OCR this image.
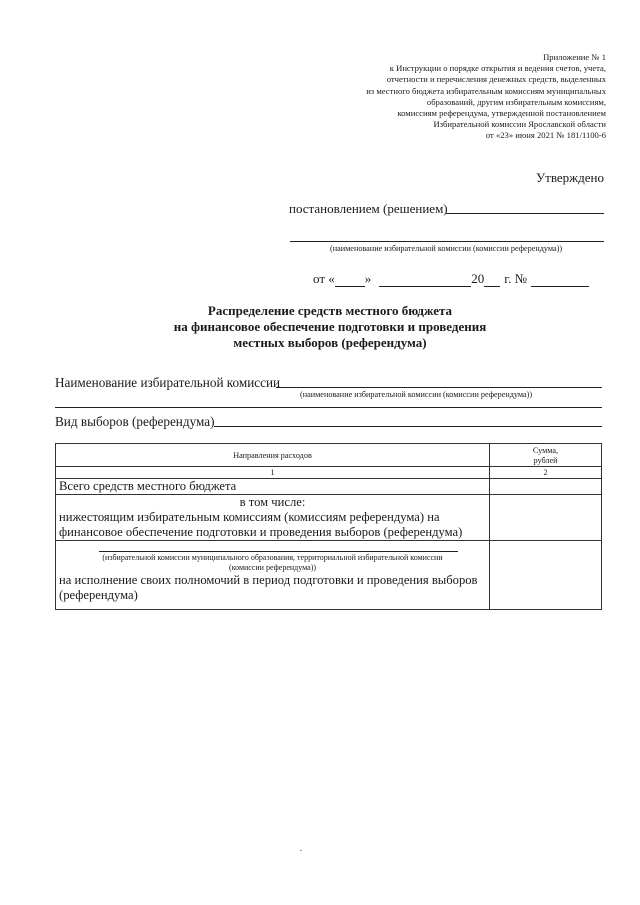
Приложение № 1
к Инструкции о порядке открытия и ведения счетов, учета,
отчетности и перечисления денежных средств, выделенных
из местного бюджета избирательным комиссиям муниципальных
образований, другим избирательным комиссиям,
комиссиям референдума, утвержденной постановлением
Избирательной комиссии Ярославской области
от «23» июня 2021 № 181/1100-6
Утверждено
постановлением (решением)
(наименование избирательной комиссии (комиссии референдума))
от « »	20 г. №
Распределение средств местного бюджета
на финансовое обеспечение подготовки и проведения
местных выборов (референдума)
Наименование избирательной комиссии
(наименование избирательной комиссии (комиссии референдума))
Вид выборов (референдума)
Направления расходов	Сумма,
рублей

1	2
Всего средств местного бюджета	

в том числе:
нижестоящим избирательным комиссиям (комиссиям референдума) на финансовое обеспечение подготовки и проведения выборов (референдума)	

(избирательной комиссии муниципального образования, территориальной избирательной комиссии
(комиссии референдума))
на исполнение своих полномочий в период подготовки и проведения выборов (референдума)	
